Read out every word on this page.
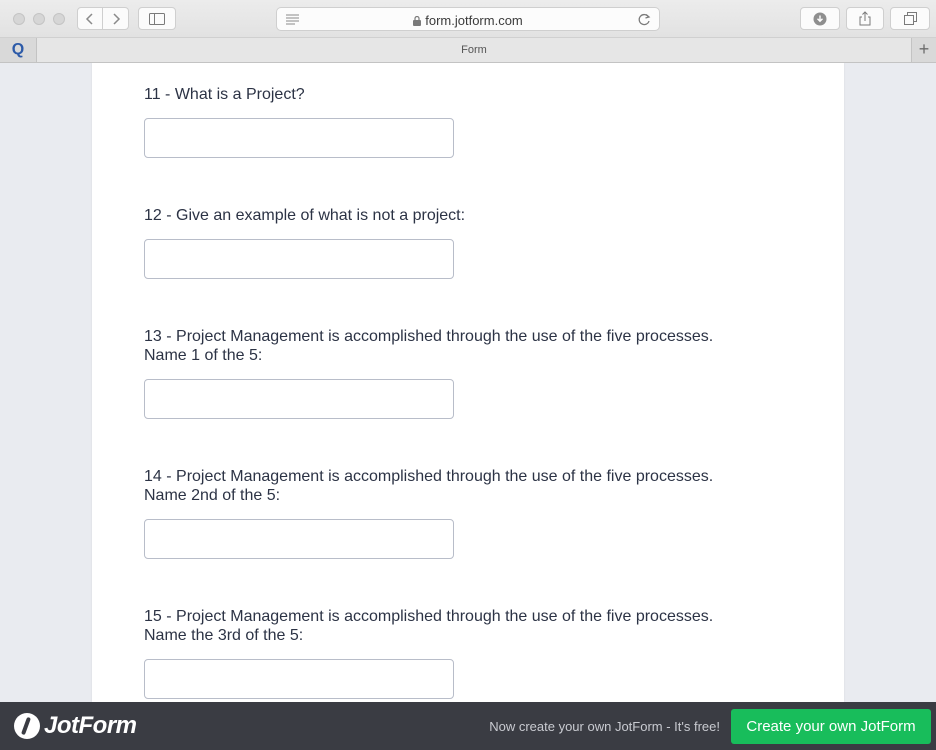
form.jotform.com
Q	Form	+
11 - What is a Project?
12 - Give an example of what is not a project:
13 - Project Management is accomplished through the use of the five processes.
Name 1 of the 5:
14 - Project Management is accomplished through the use of the five processes.
Name 2nd of the 5:
15 - Project Management is accomplished through the use of the five processes.
Name the 3rd of the 5:
JotForm	Now create your own JotForm - It's free!	Create your own JotForm
